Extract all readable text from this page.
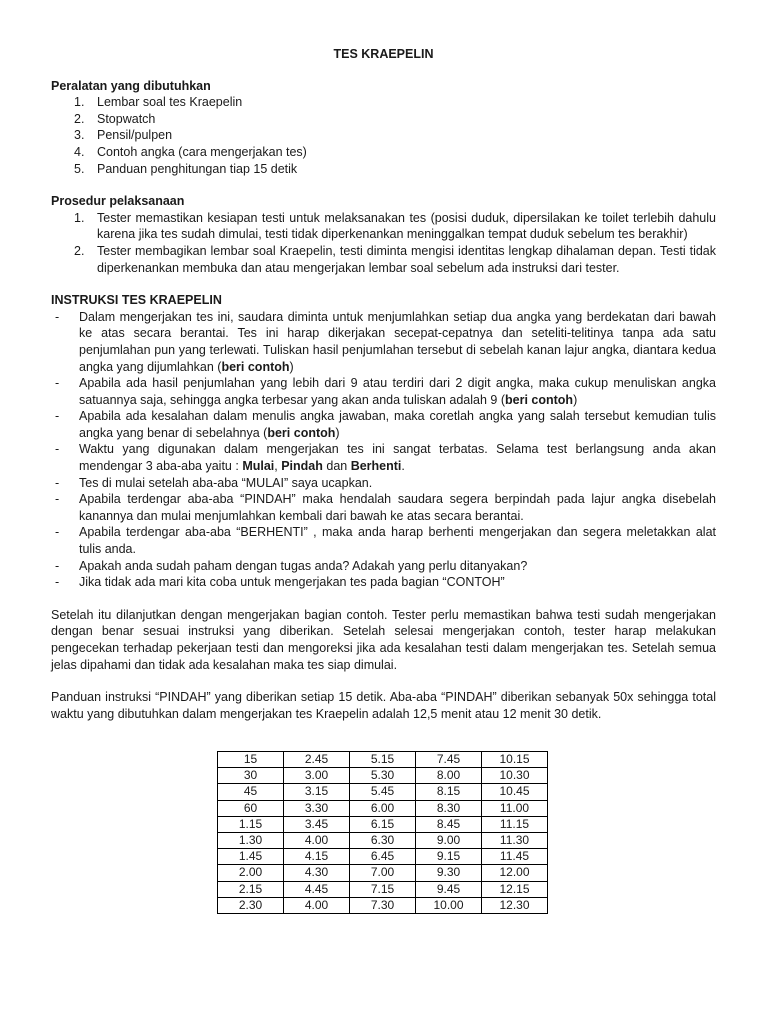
TES KRAEPELIN
Peralatan yang dibutuhkan
1. Lembar soal tes Kraepelin
2. Stopwatch
3. Pensil/pulpen
4. Contoh angka (cara mengerjakan tes)
5. Panduan penghitungan tiap 15 detik
Prosedur pelaksanaan
1. Tester memastikan kesiapan testi untuk melaksanakan tes (posisi duduk, dipersilakan ke toilet terlebih dahulu karena jika tes sudah dimulai, testi tidak diperkenankan meninggalkan tempat duduk sebelum tes berakhir)
2. Tester membagikan lembar soal Kraepelin, testi diminta mengisi identitas lengkap dihalaman depan. Testi tidak diperkenankan membuka dan atau mengerjakan lembar soal sebelum ada instruksi dari tester.
INSTRUKSI TES KRAEPELIN
- Dalam mengerjakan tes ini, saudara diminta untuk menjumlahkan setiap dua angka yang berdekatan dari bawah ke atas secara berantai. Tes ini harap dikerjakan secepat-cepatnya dan seteliti-telitinya tanpa ada satu penjumlahan pun yang terlewati. Tuliskan hasil penjumlahan tersebut di sebelah kanan lajur angka, diantara kedua angka yang dijumlahkan (beri contoh)
- Apabila ada hasil penjumlahan yang lebih dari 9 atau terdiri dari 2 digit angka, maka cukup menuliskan angka satuannya saja, sehingga angka terbesar yang akan anda tuliskan adalah 9 (beri contoh)
- Apabila ada kesalahan dalam menulis angka jawaban, maka coretlah angka yang salah tersebut kemudian tulis angka yang benar di sebelahnya (beri contoh)
- Waktu yang digunakan dalam mengerjakan tes ini sangat terbatas. Selama test berlangsung anda akan mendengar 3 aba-aba yaitu : Mulai, Pindah dan Berhenti.
- Tes di mulai setelah aba-aba “MULAI” saya ucapkan.
- Apabila terdengar aba-aba “PINDAH” maka hendalah saudara segera berpindah pada lajur angka disebelah kanannya dan mulai menjumlahkan kembali dari bawah ke atas secara berantai.
- Apabila terdengar aba-aba “BERHENTI” , maka anda harap berhenti mengerjakan dan segera meletakkan alat tulis anda.
- Apakah anda sudah paham dengan tugas anda? Adakah yang perlu ditanyakan?
- Jika tidak ada mari kita coba untuk mengerjakan tes pada bagian “CONTOH”

Setelah itu dilanjutkan dengan mengerjakan bagian contoh. Tester perlu memastikan bahwa testi sudah mengerjakan dengan benar sesuai instruksi yang diberikan. Setelah selesai mengerjakan contoh, tester harap melakukan pengecekan terhadap pekerjaan testi dan mengoreksi jika ada kesalahan testi dalam mengerjakan tes. Setelah semua jelas dipahami dan tidak ada kesalahan maka tes siap dimulai.

Panduan instruksi “PINDAH” yang diberikan setiap 15 detik. Aba-aba “PINDAH” diberikan sebanyak 50x sehingga total waktu yang dibutuhkan dalam mengerjakan tes Kraepelin adalah 12,5 menit atau 12 menit 30 detik.

15	2.45	5.15	7.45	10.15
30	3.00	5.30	8.00	10.30
45	3.15	5.45	8.15	10.45
60	3.30	6.00	8.30	11.00
1.15	3.45	6.15	8.45	11.15
1.30	4.00	6.30	9.00	11.30
1.45	4.15	6.45	9.15	11.45
2.00	4.30	7.00	9.30	12.00
2.15	4.45	7.15	9.45	12.15
2.30	4.00	7.30	10.00	12.30
